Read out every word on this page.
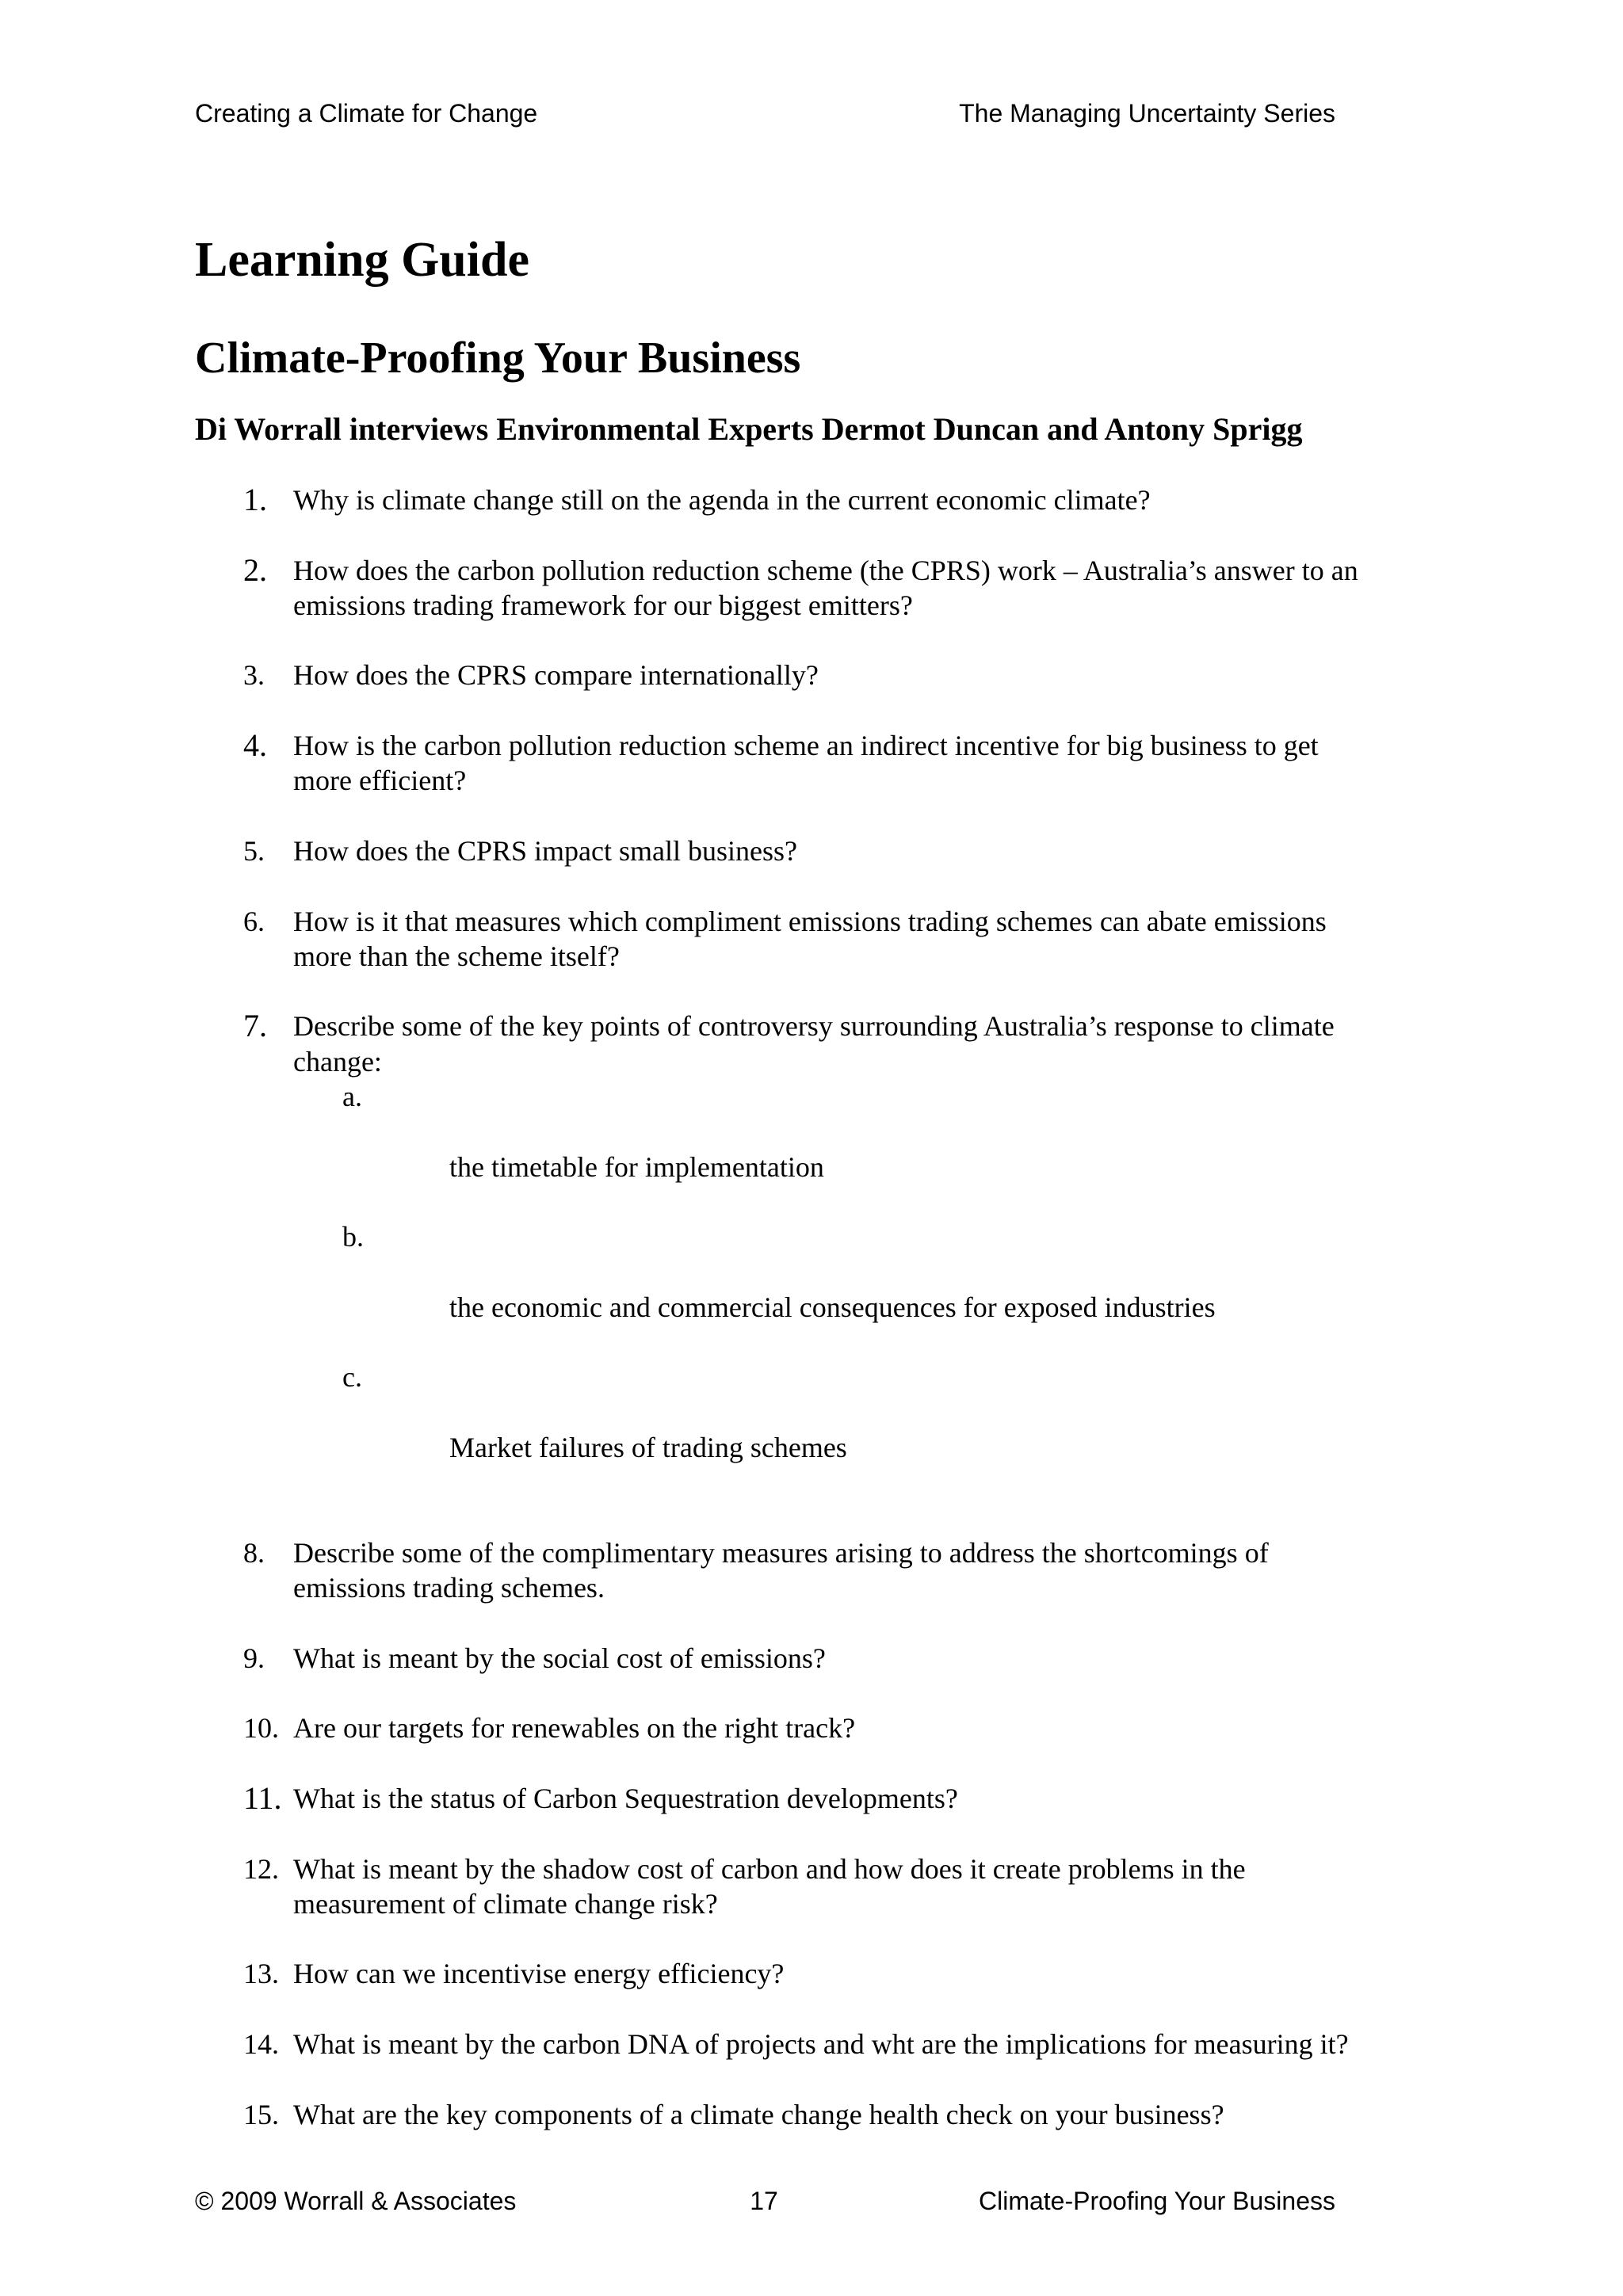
Creating a Climate for Change	The Managing Uncertainty Series
Learning Guide
Climate-Proofing Your Business
Di Worrall interviews Environmental Experts Dermot Duncan and Antony Sprigg
1. Why is climate change still on the agenda in the current economic climate?
2. How does the carbon pollution reduction scheme (the CPRS) work – Australia’s answer to an
emissions trading framework for our biggest emitters?
3. How does the CPRS compare internationally?
4. How is the carbon pollution reduction scheme an indirect incentive for big business to get
more efficient?
5. How does the CPRS impact small business?
6. How is it that measures which compliment emissions trading schemes can abate emissions
more than the scheme itself?
7. Describe some of the key points of controversy surrounding Australia’s response to climate
change:

a.

the timetable for implementation

b.

the economic and commercial consequences for exposed industries

c.

Market failures of trading schemes

8. Describe some of the complimentary measures arising to address the shortcomings of
emissions trading schemes.
9. What is meant by the social cost of emissions?
10. Are our targets for renewables on the right track?
11. What is the status of Carbon Sequestration developments?
12. What is meant by the shadow cost of carbon and how does it create problems in the
measurement of climate change risk?
13. How can we incentivise energy efficiency?
14. What is meant by the carbon DNA of projects and wht are the implications for measuring it?
15. What are the key components of a climate change health check on your business?
© 2009 Worrall & Associates	17	Climate-Proofing Your Business
